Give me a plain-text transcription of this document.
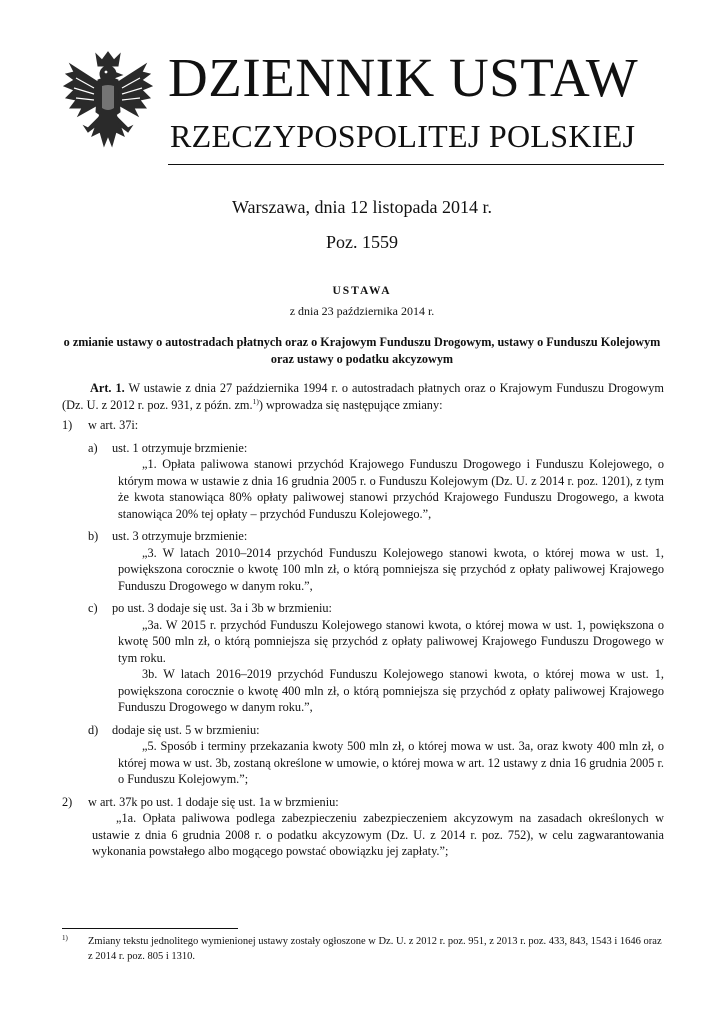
DZIENNIK USTAW
RZECZYPOSPOLITEJ POLSKIEJ
Warszawa, dnia 12 listopada 2014 r.
Poz. 1559
USTAWA
z dnia 23 października 2014 r.
o zmianie ustawy o autostradach płatnych oraz o Krajowym Funduszu Drogowym, ustawy o Funduszu Kolejowym
oraz ustawy o podatku akcyzowym

Art. 1. W ustawie z dnia 27 października 1994 r. o autostradach płatnych oraz o Krajowym Funduszu Drogowym (Dz. U. z 2012 r. poz. 931, z późn. zm.$^{1)}$) wprowadza się następujące zmiany:

1) w art. 37i:
a) ust. 1 otrzymuje brzmienie:

„1. Opłata paliwowa stanowi przychód Krajowego Funduszu Drogowego i Funduszu Kolejowego, o którym mowa w ustawie z dnia 16 grudnia 2005 r. o Funduszu Kolejowym (Dz. U. z 2014 r. poz. 1201), z tym że kwota stanowiąca 80% opłaty paliwowej stanowi przychód Krajowego Funduszu Drogowego, a kwota stanowiąca 20% tej opłaty – przychód Funduszu Kolejowego.”,

b) ust. 3 otrzymuje brzmienie:

„3. W latach 2010–2014 przychód Funduszu Kolejowego stanowi kwota, o której mowa w ust. 1, powiększona corocznie o kwotę 100 mln zł, o którą pomniejsza się przychód z opłaty paliwowej Krajowego Funduszu Drogowego w danym roku.”,

c) po ust. 3 dodaje się ust. 3a i 3b w brzmieniu:

„3a. W 2015 r. przychód Funduszu Kolejowego stanowi kwota, o której mowa w ust. 1, powiększona o kwotę 500 mln zł, o którą pomniejsza się przychód z opłaty paliwowej Krajowego Funduszu Drogowego w tym roku.

3b. W latach 2016–2019 przychód Funduszu Kolejowego stanowi kwota, o której mowa w ust. 1, powiększona corocznie o kwotę 400 mln zł, o którą pomniejsza się przychód z opłaty paliwowej Krajowego Funduszu Drogowego w danym roku.”,

d) dodaje się ust. 5 w brzmieniu:

„5. Sposób i terminy przekazania kwoty 500 mln zł, o której mowa w ust. 3a, oraz kwoty 400 mln zł, o której mowa w ust. 3b, zostaną określone w umowie, o której mowa w art. 12 ustawy z dnia 16 grudnia 2005 r. o Funduszu Kolejowym.”;

2) w art. 37k po ust. 1 dodaje się ust. 1a w brzmieniu:

„1a. Opłata paliwowa podlega zabezpieczeniu zabezpieczeniem akcyzowym na zasadach określonych w ustawie z dnia 6 grudnia 2008 r. o podatku akcyzowym (Dz. U. z 2014 r. poz. 752), w celu zagwarantowania wykonania powstałego albo mogącego powstać obowiązku jej zapłaty.”;

1)	Zmiany tekstu jednolitego wymienionej ustawy zostały ogłoszone w Dz. U. z 2012 r. poz. 951, z 2013 r. poz. 433, 843, 1543 i 1646 oraz z 2014 r. poz. 805 i 1310.
